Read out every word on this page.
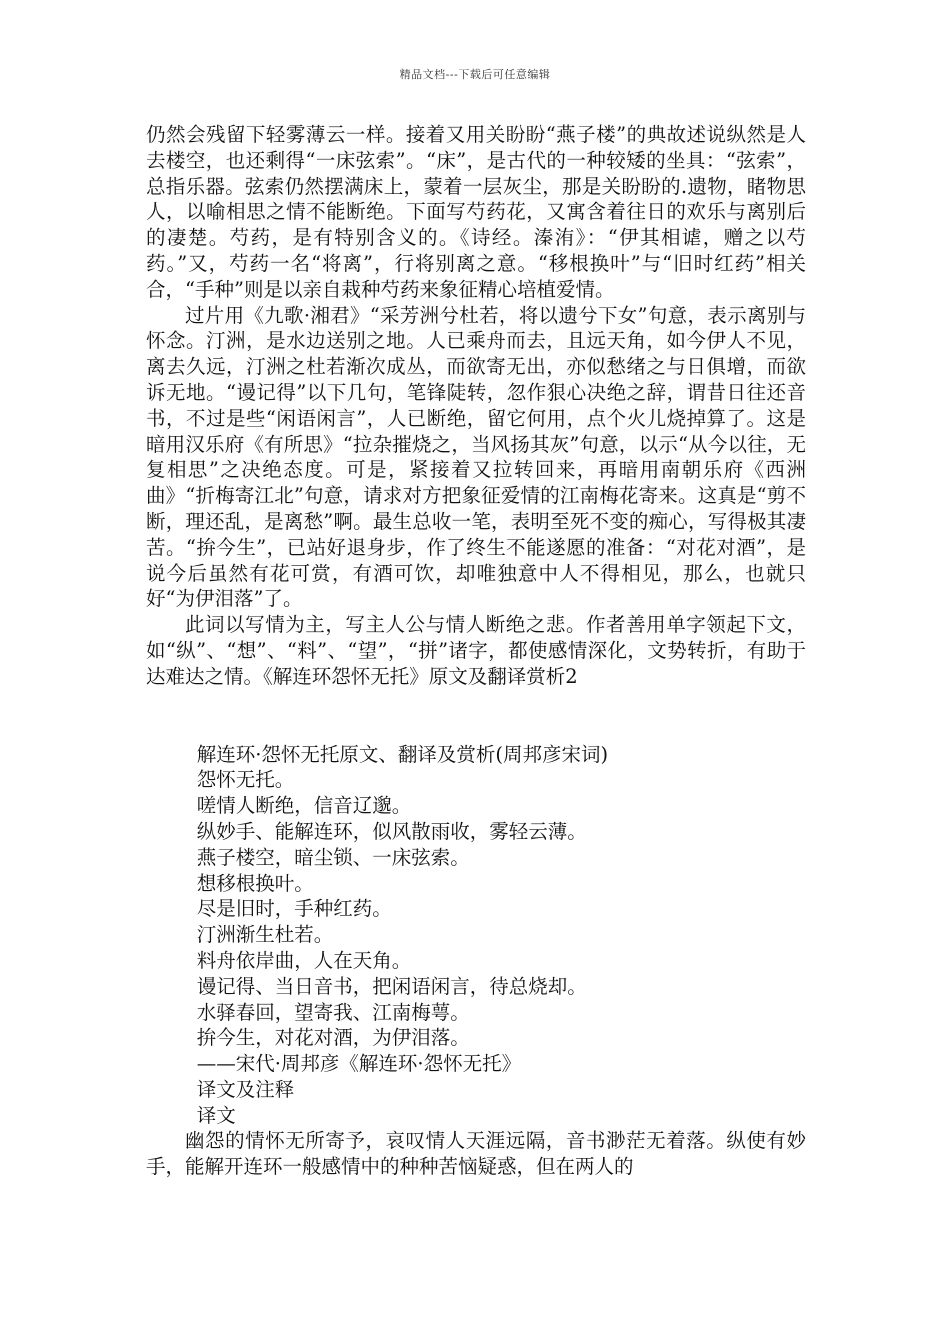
精品文档---下载后可任意编辑

仍然会残留下轻雾薄云一样。接着又用关盼盼“燕子楼”的典故述说纵然是人去楼空，也还剩得“一床弦索”。“床”，是古代的一种较矮的坐具：“弦索”，总指乐器。弦索仍然摆满床上，蒙着一层灰尘，那是关盼盼的.遗物，睹物思人，以喻相思之情不能断绝。下面写芍药花，又寓含着往日的欢乐与离别后的凄楚。芍药，是有特别含义的。《诗经。溱洧》：“伊其相谑，赠之以芍药。”又，芍药一名“将离”，行将别离之意。“移根换叶”与“旧时红药”相关合，“手种”则是以亲自栽种芍药来象征精心培植爱情。

过片用《九歌·湘君》“采芳洲兮杜若，将以遗兮下女”句意，表示离别与怀念。汀洲，是水边送别之地。人已乘舟而去，且远天角，如今伊人不见，离去久远，汀洲之杜若渐次成丛，而欲寄无出，亦似愁绪之与日俱增，而欲诉无地。“谩记得”以下几句，笔锋陡转，忽作狠心决绝之辞，谓昔日往还音书，不过是些“闲语闲言”，人已断绝，留它何用，点个火儿烧掉算了。这是暗用汉乐府《有所思》“拉杂摧烧之，当风扬其灰”句意，以示“从今以往，无复相思”之决绝态度。可是，紧接着又拉转回来，再暗用南朝乐府《西洲曲》“折梅寄江北”句意，请求对方把象征爱情的江南梅花寄来。这真是“剪不断，理还乱，是离愁”啊。最生总收一笔，表明至死不变的痴心，写得极其凄苦。“拚今生”，已站好退身步，作了终生不能遂愿的准备：“对花对酒”，是说今后虽然有花可赏，有酒可饮，却唯独意中人不得相见，那么，也就只好“为伊泪落”了。

此词以写情为主，写主人公与情人断绝之悲。作者善用单字领起下文，如“纵”、“想”、“料”、“望”，“拼”诸字，都使感情深化，文势转折，有助于达难达之情。《解连环怨怀无托》原文及翻译赏析2

解连环·怨怀无托原文、翻译及赏析(周邦彦宋词)

怨怀无托。

嗟情人断绝，信音辽邈。

纵妙手、能解连环，似风散雨收，雾轻云薄。

燕子楼空，暗尘锁、一床弦索。

想移根换叶。

尽是旧时，手种红药。

汀洲渐生杜若。

料舟依岸曲，人在天角。

谩记得、当日音书，把闲语闲言，待总烧却。

水驿春回，望寄我、江南梅萼。

拚今生，对花对酒，为伊泪落。

——宋代·周邦彦《解连环·怨怀无托》

译文及注释

译文

幽怨的情怀无所寄予，哀叹情人天涯远隔，音书渺茫无着落。纵使有妙手，能解开连环一般感情中的种种苦恼疑惑，但在两人的
